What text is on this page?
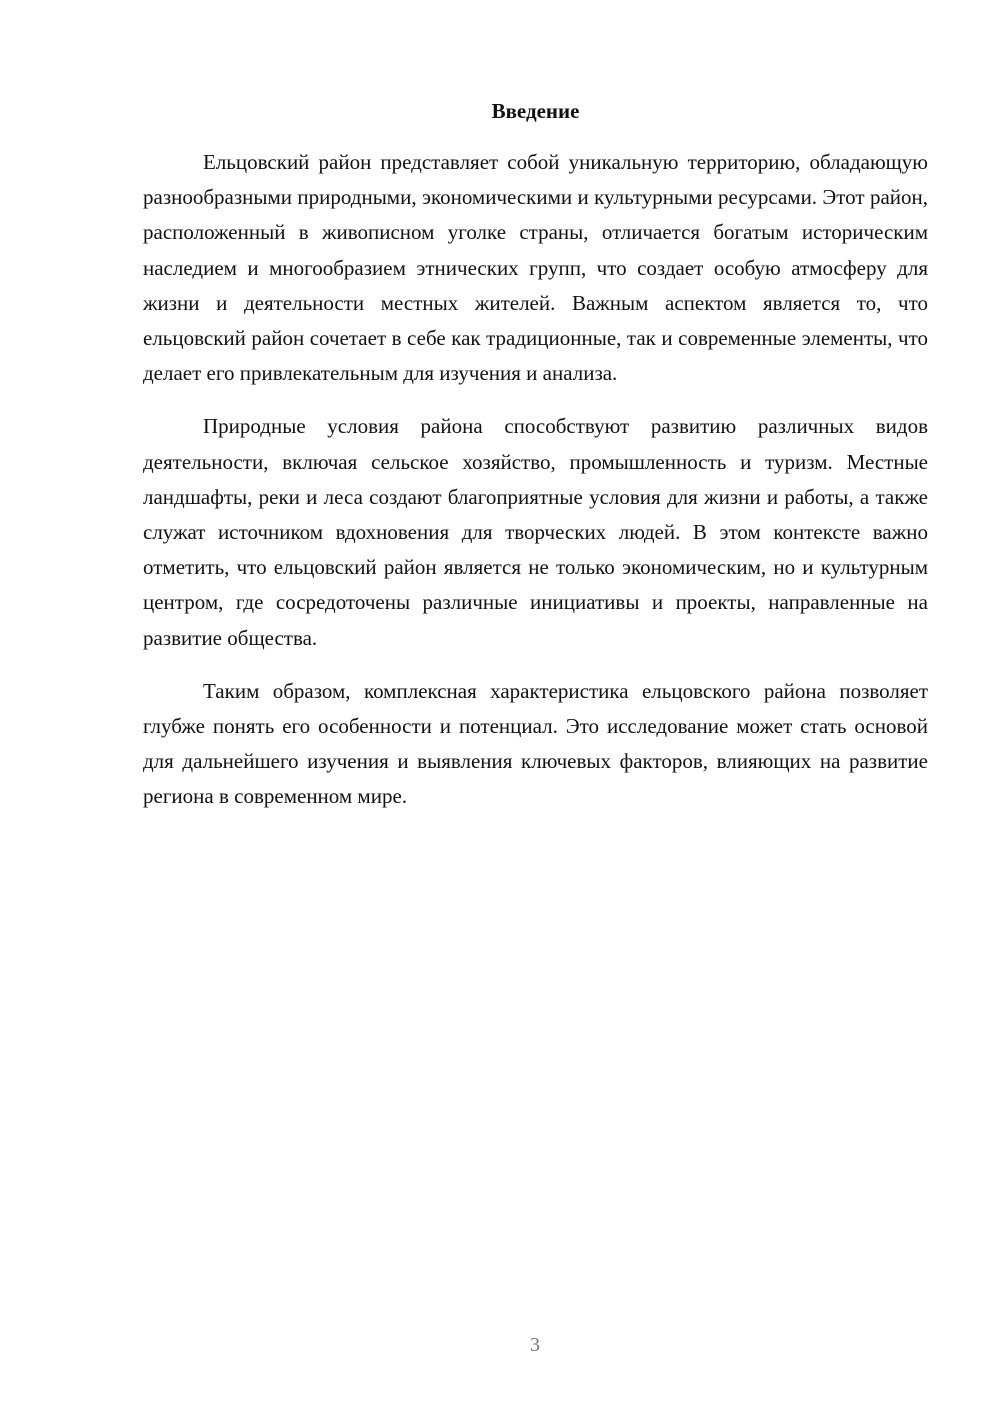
Введение

Ельцовский район представляет собой уникальную территорию, обладающую разнообразными природными, экономическими и культурными ресурсами. Этот район, расположенный в живописном уголке страны, отличается богатым историческим наследием и многообразием этнических групп, что создает особую атмосферу для жизни и деятельности местных жителей. Важным аспектом является то, что ельцовский район сочетает в себе как традиционные, так и современные элементы, что делает его привлекательным для изучения и анализа.

Природные условия района способствуют развитию различных видов деятельности, включая сельское хозяйство, промышленность и туризм. Местные ландшафты, реки и леса создают благоприятные условия для жизни и работы, а также служат источником вдохновения для творческих людей. В этом контексте важно отметить, что ельцовский район является не только экономическим, но и культурным центром, где сосредоточены различные инициативы и проекты, направленные на развитие общества.

Таким образом, комплексная характеристика ельцовского района позволяет глубже понять его особенности и потенциал. Это исследование может стать основой для дальнейшего изучения и выявления ключевых факторов, влияющих на развитие региона в современном мире.

3
